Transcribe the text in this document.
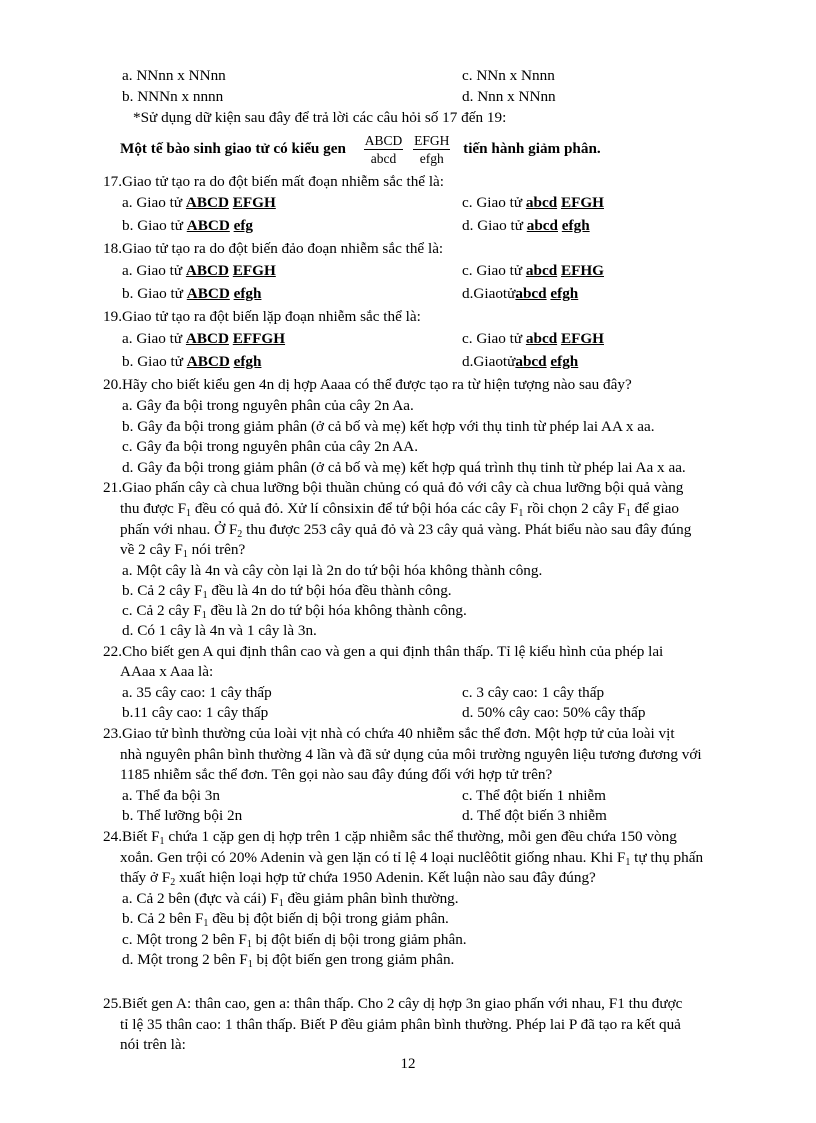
a. NNnn x NNnn	c. NNn x Nnnn
b. NNNn x nnnn	d. Nnn x NNnn
*Sử dụng dữ kiện sau đây để trả lời các câu hỏi số 17 đến 19:
Một tế bào sinh giao tử có kiểu gen $\frac{\text{ABCD}}{\text{abcd}}$
$\frac{\text{EFGH}}{\text{efgh}}$ tiến hành giảm phân.
17.Giao tử tạo ra do đột biến mất đoạn nhiễm sắc thể là:
a. Giao tử ABCD EFGH	c. Giao tử abcd EFGH
b. Giao tử ABCD efg	d. Giao tử abcd efgh
18.Giao tử tạo ra do đột biến đảo đoạn nhiễm sắc thể là:
a. Giao tử ABCD EFGH	c. Giao tử abcd EFHG
b. Giao tử ABCD efgh	d.Giaotửabcd efgh
19.Giao tử tạo ra đột biến lặp đoạn nhiễm sắc thể là:
a. Giao tử ABCD EFFGH	c. Giao tử abcd EFGH
b. Giao tử ABCD efgh	d.Giaotửabcd efgh
20.Hãy cho biết kiểu gen 4n dị hợp Aaaa có thể được tạo ra từ hiện tượng nào sau đây?
a. Gây đa bội trong nguyên phân của cây 2n Aa.
b. Gây đa bội trong giảm phân (ở cả bố và mẹ) kết hợp với thụ tinh từ phép lai AA x aa.
c. Gây đa bội trong nguyên phân của cây 2n AA.
d. Gây đa bội trong giảm phân (ở cả bố và mẹ) kết hợp quá trình thụ tinh từ phép lai Aa x aa.
21.Giao phấn cây cà chua lưỡng bội thuần chủng có quả đỏ với cây cà chua lưỡng bội quả vàng
thu được $F_1$ đều có quả đỏ. Xử lí cônsixin để tứ bội hóa các cây $F_1$ rồi chọn 2 cây $F_1$ để giao
phấn với nhau. Ở $F_2$ thu được 253 cây quả đỏ và 23 cây quả vàng. Phát biểu nào sau đây đúng
về 2 cây $F_1$ nói trên?
a. Một cây là 4n và cây còn lại là 2n do tứ bội hóa không thành công.
b. Cả 2 cây $F_1$ đều là 4n do tứ bội hóa đều thành công.
c. Cả 2 cây $F_1$ đều là 2n do tứ bội hóa không thành công.
d. Có 1 cây là 4n và 1 cây là 3n.
22.Cho biết gen A qui định thân cao và gen a qui định thân thấp. Tỉ lệ kiểu hình của phép lai
AAaa x Aaa là:
a. 35 cây cao: 1 cây thấp	c. 3 cây cao: 1 cây thấp
b.11 cây cao: 1 cây thấp	d. 50% cây cao: 50% cây thấp
23.Giao tử bình thường của loài vịt nhà có chứa 40 nhiễm sắc thể đơn. Một hợp tử của loài vịt
nhà nguyên phân bình thường 4 lần và đã sử dụng của môi trường nguyên liệu tương đương với
1185 nhiễm sắc thể đơn. Tên gọi nào sau đây đúng đối với hợp tử trên?
a. Thể đa bội 3n	c. Thể đột biến 1 nhiễm
b. Thể lưỡng bội 2n	d. Thể đột biến 3 nhiễm
24.Biết $F_1$ chứa 1 cặp gen dị hợp trên 1 cặp nhiễm sắc thể thường, mỗi gen đều chứa 150 vòng
xoắn. Gen trội có 20% Adenin và gen lặn có tỉ lệ 4 loại nuclêôtit giống nhau. Khi $F_1$ tự thụ phấn
thấy ở $F_2$ xuất hiện loại hợp tử chứa 1950 Adenin. Kết luận nào sau đây đúng?
a. Cả 2 bên (đực và cái) $F_1$ đều giảm phân bình thường.
b. Cả 2 bên $F_1$ đều bị đột biến dị bội trong giảm phân.
c. Một trong 2 bên $F_1$ bị đột biến dị bội trong giảm phân.
d. Một trong 2 bên $F_1$ bị đột biến gen trong giảm phân.
25.Biết gen A: thân cao, gen a: thân thấp. Cho 2 cây dị hợp 3n giao phấn với nhau, F1 thu được
tỉ lệ 35 thân cao: 1 thân thấp. Biết P đều giảm phân bình thường. Phép lai P đã tạo ra kết quả
nói trên là:
12
